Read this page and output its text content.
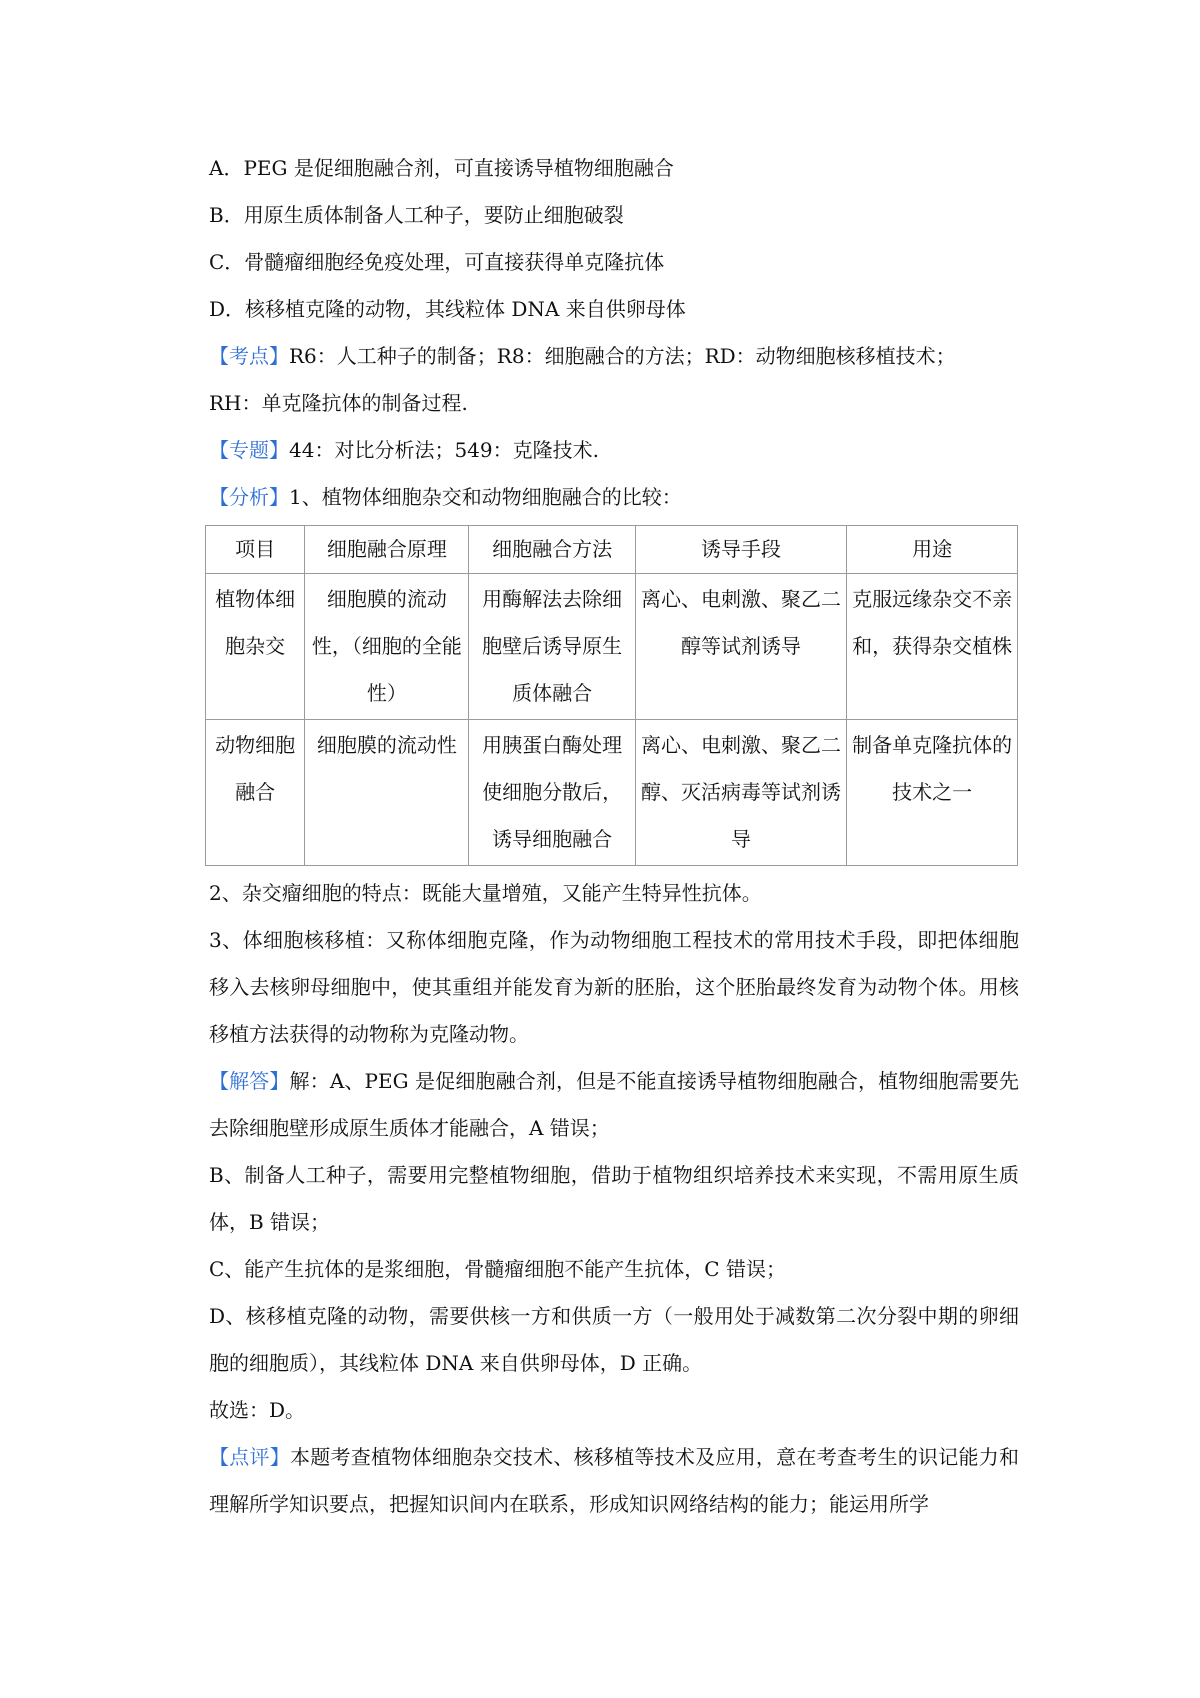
A．PEG 是促细胞融合剂，可直接诱导植物细胞融合

B．用原生质体制备人工种子，要防止细胞破裂

C．骨髓瘤细胞经免疫处理，可直接获得单克隆抗体

D．核移植克隆的动物，其线粒体 DNA 来自供卵母体

【考点】R6：人工种子的制备；R8：细胞融合的方法；RD：动物细胞核移植技术；

RH：单克隆抗体的制备过程.

【专题】44：对比分析法；549：克隆技术.

【分析】1、植物体细胞杂交和动物细胞融合的比较：

项目	细胞融合原理	细胞融合方法	诱导手段	用途
植物体细胞杂交	细胞膜的流动性，（细胞的全能性）	用酶解法去除细胞壁后诱导原生质体融合	离心、电刺激、聚乙二醇等试剂诱导	克服远缘杂交不亲和，获得杂交植株
动物细胞融合	细胞膜的流动性	用胰蛋白酶处理使细胞分散后，诱导细胞融合	离心、电刺激、聚乙二醇、灭活病毒等试剂诱导	制备单克隆抗体的技术之一

2、杂交瘤细胞的特点：既能大量增殖，又能产生特异性抗体。

3、体细胞核移植：又称体细胞克隆，作为动物细胞工程技术的常用技术手段，即把体细胞移入去核卵母细胞中，使其重组并能发育为新的胚胎，这个胚胎最终发育为动物个体。用核移植方法获得的动物称为克隆动物。

【解答】解：A、PEG 是促细胞融合剂，但是不能直接诱导植物细胞融合，植物细胞需要先去除细胞壁形成原生质体才能融合，A 错误；

B、制备人工种子，需要用完整植物细胞，借助于植物组织培养技术来实现，不需用原生质体，B 错误；

C、能产生抗体的是浆细胞，骨髓瘤细胞不能产生抗体，C 错误；

D、核移植克隆的动物，需要供核一方和供质一方（一般用处于减数第二次分裂中期的卵细胞的细胞质），其线粒体 DNA 来自供卵母体，D 正确。

故选：D。

【点评】本题考查植物体细胞杂交技术、核移植等技术及应用，意在考查考生的识记能力和理解所学知识要点，把握知识间内在联系，形成知识网络结构的能力；能运用所学
